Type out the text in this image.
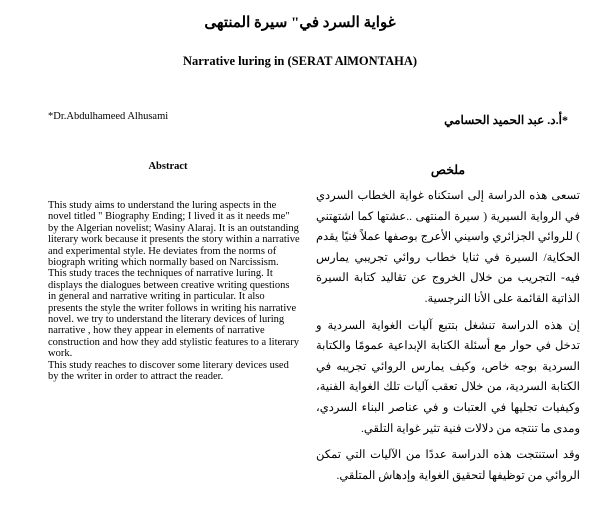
غواية السرد في" سيرة المنتهى
Narrative luring in (SERAT AlMONTAHA)
*Dr.Abdulhameed Alhusami	*أ.د. عبد الحميد الحسامي
Abstract

This study aims to understand the luring aspects in the novel titled " Biography Ending; I lived it as it needs me" by the Algerian novelist; Wasiny Alaraj. It is an outstanding literary work because it presents the story within a narrative and experimental style. He deviates from the norms of biograph writing which normally based on Narcissism.

This study traces the techniques of narrative luring. It displays the dialogues between creative writing questions in general and narrative writing in particular. It also presents the style the writer follows in writing his narrative novel. we try to understand the literary devices of luring narrative , how they appear in elements of narrative construction and how they add stylistic features to a literary work.

This study reaches to discover some literary devices used by the writer in order to attract the reader.

ملخص

تسعى هذه الدراسة إلى استكناه غواية الخطاب السردي في الرواية السيرية ( سيرة المنتهى ..عشتها كما اشتهتني ) للروائي الجزائري واسيني الأعرج بوصفها عملاً فنيًا يقدم الحكاية/ السيرة في ثنايا خطاب روائي تجريبي يمارس فيه- التجريب من خلال الخروج عن تقاليد كتابة السيرة الذاتية القائمة على الأنا النرجسية.

إن هذه الدراسة تنشغل بتتبع آليات الغواية السردية و تدخل في حوار مع أسئلة الكتابة الإبداعية عمومًا والكتابة السردية بوجه خاص، وكيف يمارس الروائي تجريبه في الكتابة السردية، من خلال تعقب آليات تلك الغواية الفنية، وكيفيات تجليها في العتبات و في عناصر البناء السردي، ومدى ما تنتجه من دلالات فنية تثير غواية التلقي.

وقد استنتجت هذه الدراسة عددًا من الآليات التي تمكن الروائي من توظيفها لتحقيق الغواية وإدهاش المتلقي.
